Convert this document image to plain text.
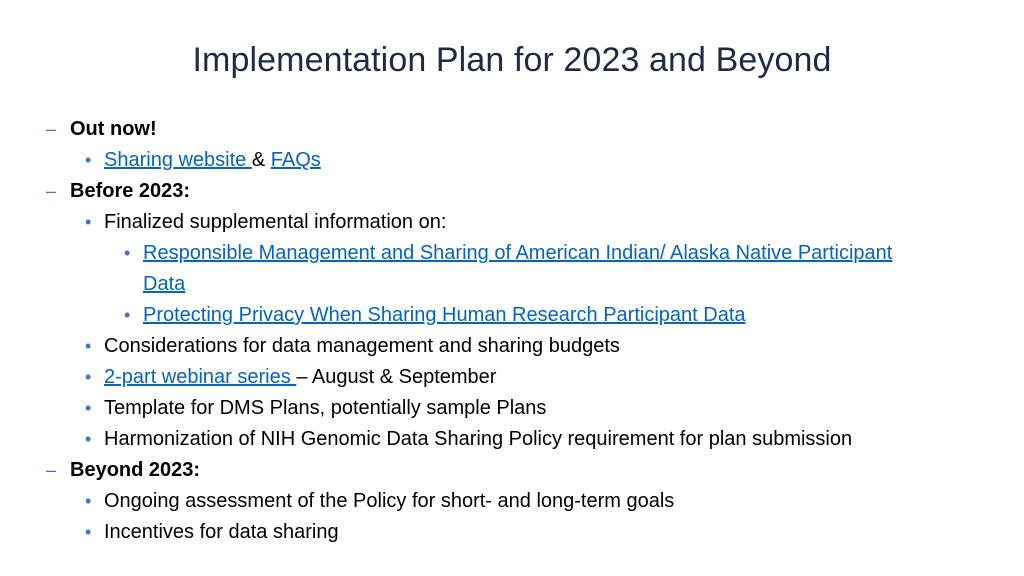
Implementation Plan for 2023 and Beyond
– Out now!
• Sharing website & FAQs
– Before 2023:
• Finalized supplemental information on:
• Responsible Management and Sharing of American Indian/ Alaska Native Participant
Data
• Protecting Privacy When Sharing Human Research Participant Data
• Considerations for data management and sharing budgets
• 2-part webinar series – August & September
• Template for DMS Plans, potentially sample Plans
• Harmonization of NIH Genomic Data Sharing Policy requirement for plan submission
– Beyond 2023:
• Ongoing assessment of the Policy for short- and long-term goals
• Incentives for data sharing
